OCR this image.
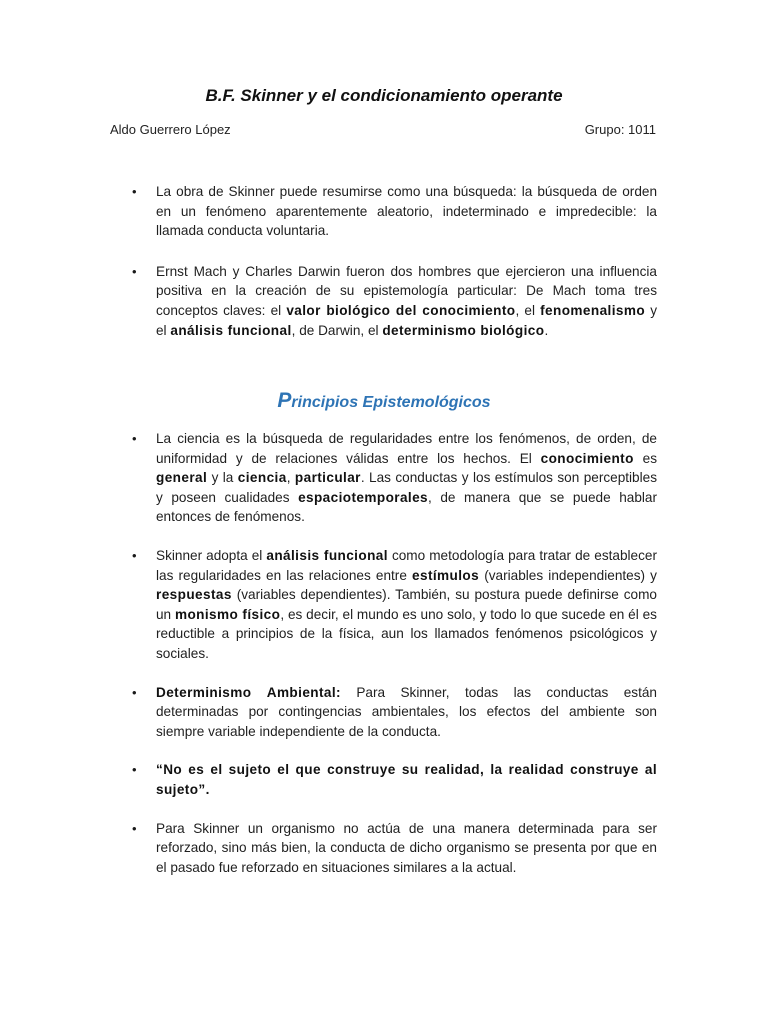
B.F. Skinner y el condicionamiento operante
Aldo Guerrero López	Grupo: 1011
• La obra de Skinner puede resumirse como una búsqueda: la búsqueda de orden en un fenómeno aparentemente aleatorio, indeterminado e impredecible: la llamada conducta voluntaria.
• Ernst Mach y Charles Darwin fueron dos hombres que ejercieron una influencia positiva en la creación de su epistemología particular: De Mach toma tres conceptos claves: el valor biológico del conocimiento, el fenomenalismo y el análisis funcional, de Darwin, el determinismo biológico.
Principios Epistemológicos
• La ciencia es la búsqueda de regularidades entre los fenómenos, de orden, de uniformidad y de relaciones válidas entre los hechos. El conocimiento es general y la ciencia, particular. Las conductas y los estímulos son perceptibles y poseen cualidades espaciotemporales, de manera que se puede hablar entonces de fenómenos.
• Skinner adopta el análisis funcional como metodología para tratar de establecer las regularidades en las relaciones entre estímulos (variables independientes) y respuestas (variables dependientes). También, su postura puede definirse como un monismo físico, es decir, el mundo es uno solo, y todo lo que sucede en él es reductible a principios de la física, aun los llamados fenómenos psicológicos y sociales.
• Determinismo Ambiental: Para Skinner, todas las conductas están determinadas por contingencias ambientales, los efectos del ambiente son siempre variable independiente de la conducta.
• “No es el sujeto el que construye su realidad, la realidad construye al sujeto”.
• Para Skinner un organismo no actúa de una manera determinada para ser reforzado, sino más bien, la conducta de dicho organismo se presenta por que en el pasado fue reforzado en situaciones similares a la actual.
